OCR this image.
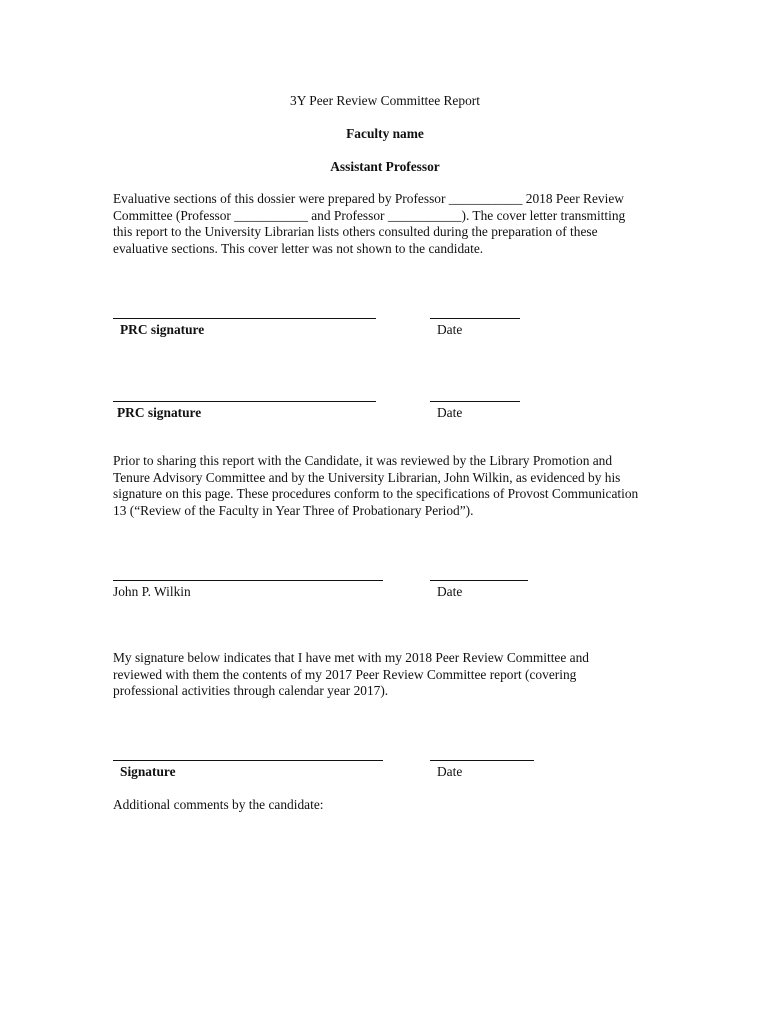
3Y Peer Review Committee Report
Faculty name
Assistant Professor
Evaluative sections of this dossier were prepared by Professor ___________ 2018 Peer Review
Committee (Professor ___________ and Professor ___________). The cover letter transmitting
this report to the University Librarian lists others consulted during the preparation of these
evaluative sections. This cover letter was not shown to the candidate.
PRC signature	Date
PRC signature	Date
Prior to sharing this report with the Candidate, it was reviewed by the Library Promotion and
Tenure Advisory Committee and by the University Librarian, John Wilkin, as evidenced by his
signature on this page. These procedures conform to the specifications of Provost Communication
13 (“Review of the Faculty in Year Three of Probationary Period”).
John P. Wilkin	Date
My signature below indicates that I have met with my 2018 Peer Review Committee and
reviewed with them the contents of my 2017 Peer Review Committee report (covering
professional activities through calendar year 2017).
Signature	Date
Additional comments by the candidate:
